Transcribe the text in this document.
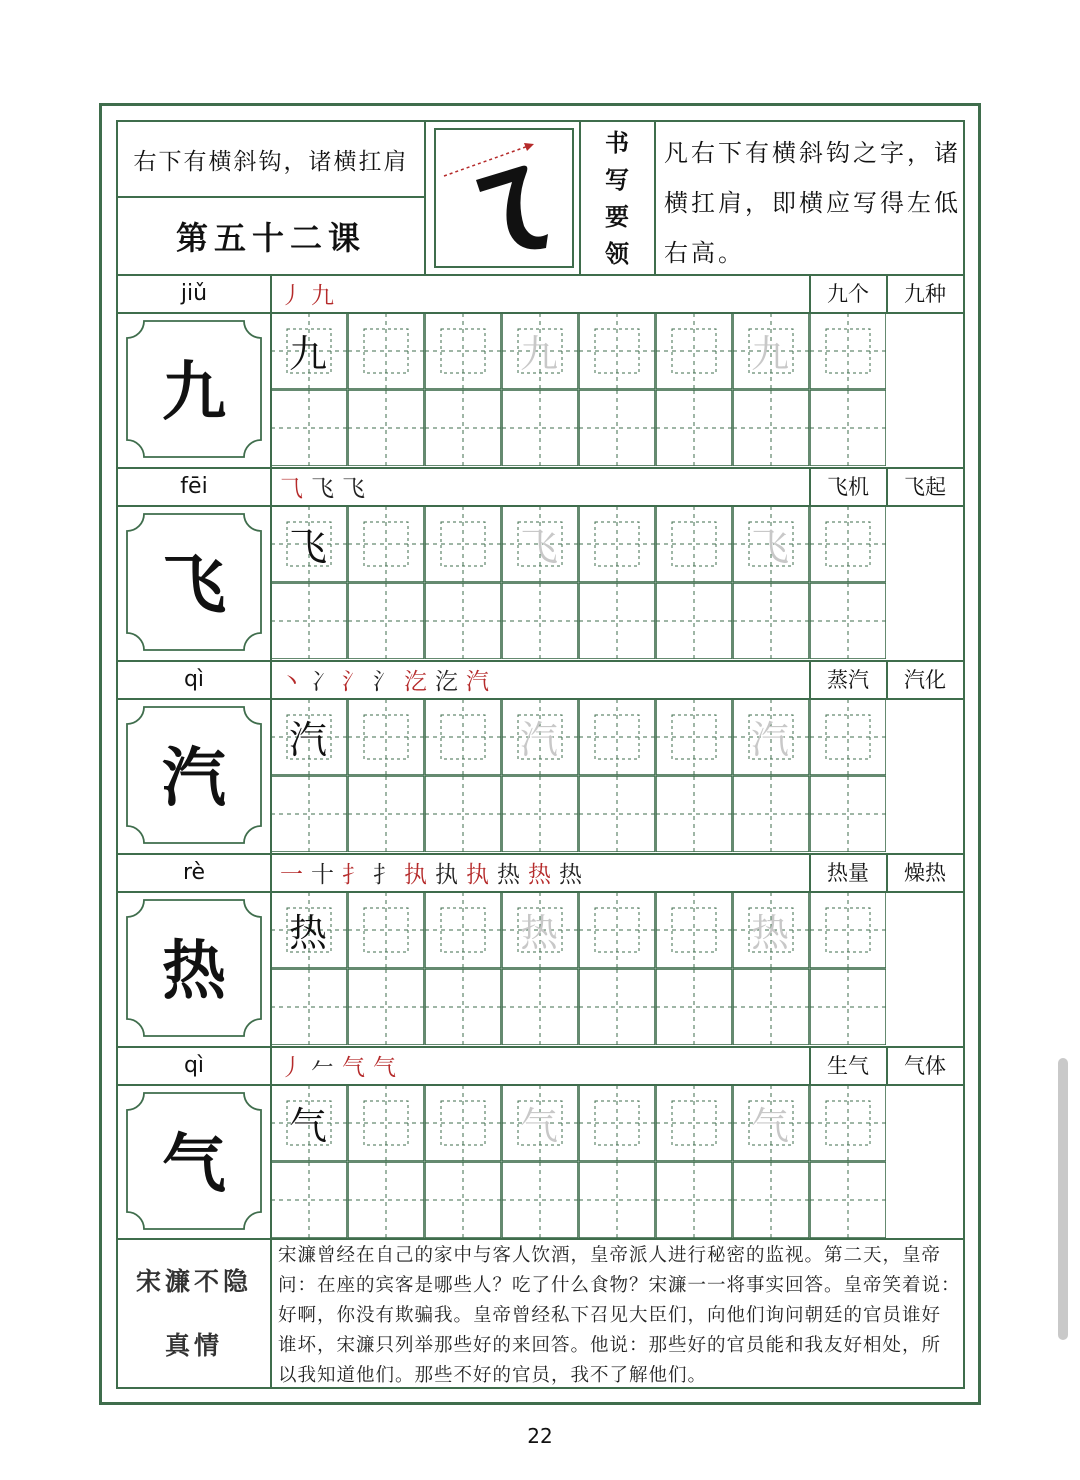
右下有横斜钩，诸横扛肩
第五十二课
书
写
要
领
凡右下有横斜钩之字，诸
横扛肩，即横应写得左低
右高。
jiǔ	丿 九	九个	九种
九
九	九	九
fēi	⺄ 飞 飞	飞机	飞起
飞
飞	飞	飞
qì	丶 冫 氵 氵 汔 汔 汽	蒸汽	汽化
汽
汽	汽	汽
rè	一 十 扌 扌 执 执 执 热 热 热	热量	燥热
热
热	热	热
qì	丿 𠂉 气 气	生气	气体
气
气	气	气
宋濂不隐
真情
宋濂曾经在自己的家中与客人饮酒，皇帝派人进行秘密的监视。第二天，皇帝
问：在座的宾客是哪些人？吃了什么食物？宋濂一一将事实回答。皇帝笑着说：
好啊，你没有欺骗我。皇帝曾经私下召见大臣们，向他们询问朝廷的官员谁好
谁坏，宋濂只列举那些好的来回答。他说：那些好的官员能和我友好相处，所
以我知道他们。那些不好的官员，我不了解他们。
22
